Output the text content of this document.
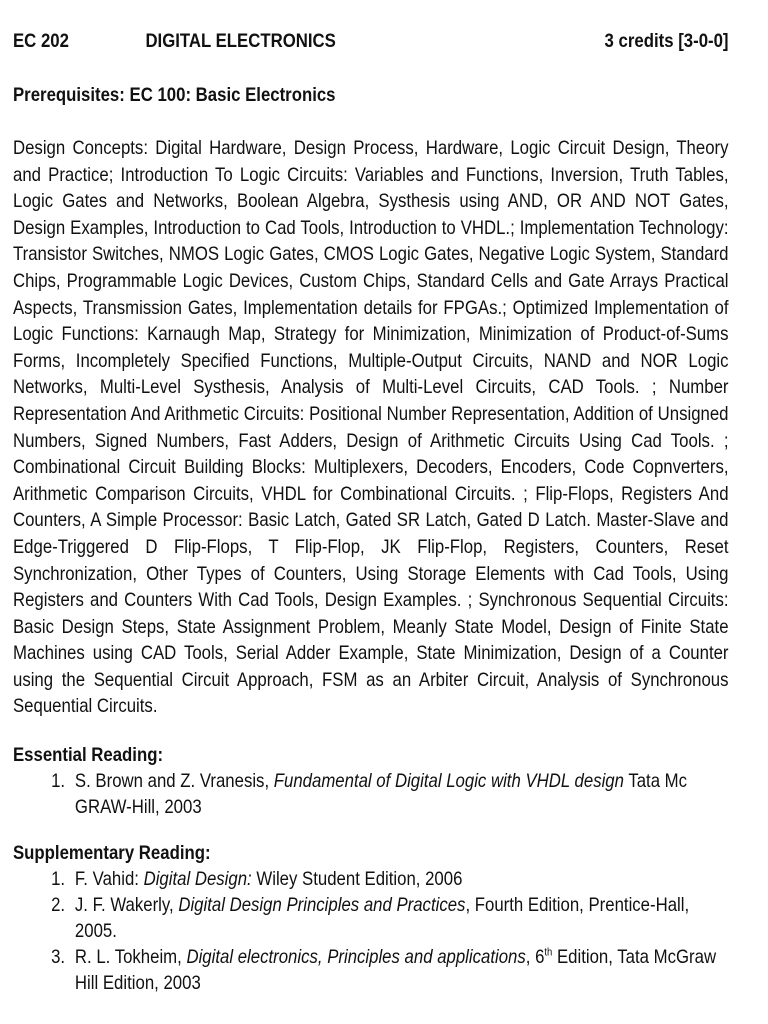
EC 202	DIGITAL ELECTRONICS	3 credits [3-0-0]
Prerequisites: EC 100: Basic Electronics
Design Concepts: Digital Hardware, Design Process, Hardware, Logic Circuit Design, Theory and Practice; Introduction To Logic Circuits: Variables and Functions, Inversion, Truth Tables, Logic Gates and Networks, Boolean Algebra, Systhesis using AND, OR AND NOT Gates, Design Examples, Introduction to Cad Tools, Introduction to VHDL.; Implementation Technology: Transistor Switches, NMOS Logic Gates, CMOS Logic Gates, Negative Logic System, Standard Chips, Programmable Logic Devices, Custom Chips, Standard Cells and Gate Arrays Practical Aspects, Transmission Gates, Implementation details for FPGAs.; Optimized Implementation of Logic Functions: Karnaugh Map, Strategy for Minimization, Minimization of Product-of-Sums Forms, Incompletely Specified Functions, Multiple-Output Circuits, NAND and NOR Logic Networks, Multi-Level Systhesis, Analysis of Multi-Level Circuits, CAD Tools. ; Number Representation And Arithmetic Circuits: Positional Number Representation, Addition of Unsigned Numbers, Signed Numbers, Fast Adders, Design of Arithmetic Circuits Using Cad Tools. ; Combinational Circuit Building Blocks: Multiplexers, Decoders, Encoders, Code Copnverters, Arithmetic Comparison Circuits, VHDL for Combinational Circuits. ; Flip-Flops, Registers And Counters, A Simple Processor: Basic Latch, Gated SR Latch, Gated D Latch. Master-Slave and Edge-Triggered D Flip-Flops, T Flip-Flop, JK Flip-Flop, Registers, Counters, Reset Synchronization, Other Types of Counters, Using Storage Elements with Cad Tools, Using Registers and Counters With Cad Tools, Design Examples. ; Synchronous Sequential Circuits: Basic Design Steps, State Assignment Problem, Meanly State Model, Design of Finite State Machines using CAD Tools, Serial Adder Example, State Minimization, Design of a Counter using the Sequential Circuit Approach, FSM as an Arbiter Circuit, Analysis of Synchronous Sequential Circuits.
Essential Reading:
1. S. Brown and Z. Vranesis, Fundamental of Digital Logic with VHDL design Tata Mc GRAW-Hill, 2003
Supplementary Reading:
1. F. Vahid: Digital Design: Wiley Student Edition, 2006
2. J. F. Wakerly, Digital Design Principles and Practices, Fourth Edition, Prentice-Hall, 2005.
3. R. L. Tokheim, Digital electronics, Principles and applications, 6th Edition, Tata McGraw Hill Edition, 2003
